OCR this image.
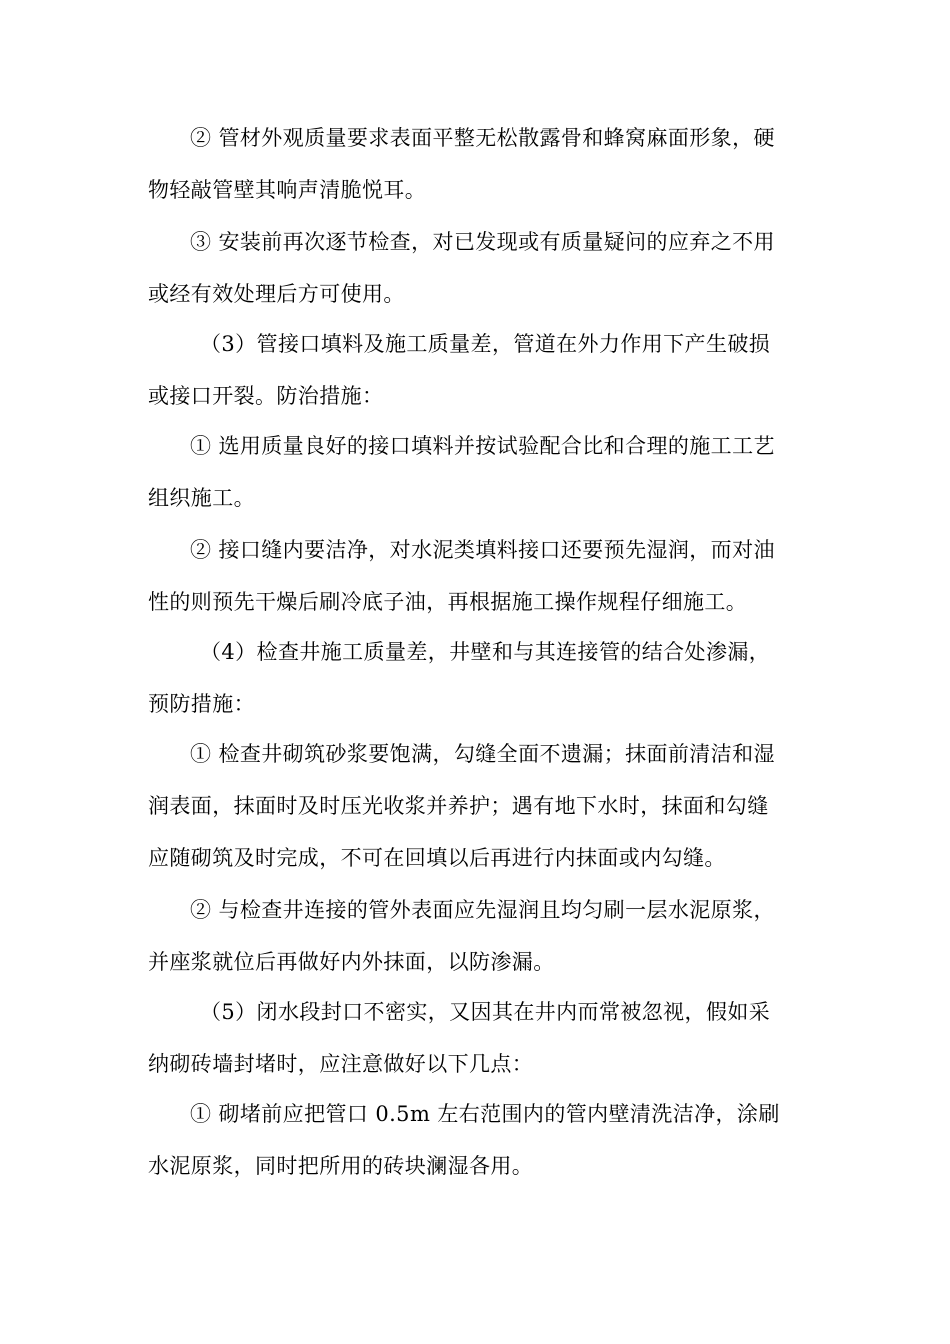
② 管材外观质量要求表面平整无松散露骨和蜂窝麻面形象，硬
物轻敲管壁其响声清脆悦耳。
③ 安装前再次逐节检查，对已发现或有质量疑问的应弃之不用
或经有效处理后方可使用。
（3）管接口填料及施工质量差，管道在外力作用下产生破损
或接口开裂。防治措施：
① 选用质量良好的接口填料并按试验配合比和合理的施工工艺
组织施工。
② 接口缝内要洁净，对水泥类填料接口还要预先湿润，而对油
性的则预先干燥后刷冷底子油，再根据施工操作规程仔细施工。
（4）检查井施工质量差，井壁和与其连接管的结合处渗漏，
预防措施：
① 检查井砌筑砂浆要饱满，勾缝全面不遗漏；抹面前清洁和湿
润表面，抹面时及时压光收浆并养护；遇有地下水时，抹面和勾缝
应随砌筑及时完成，不可在回填以后再进行内抹面或内勾缝。
② 与检查井连接的管外表面应先湿润且均匀刷一层水泥原浆，
并座浆就位后再做好内外抹面，以防渗漏。
（5）闭水段封口不密实，又因其在井内而常被忽视，假如采
纳砌砖墙封堵时，应注意做好以下几点：
① 砌堵前应把管口 0.5m 左右范围内的管内壁清洗洁净，涂刷
水泥原浆，同时把所用的砖块澜湿各用。
